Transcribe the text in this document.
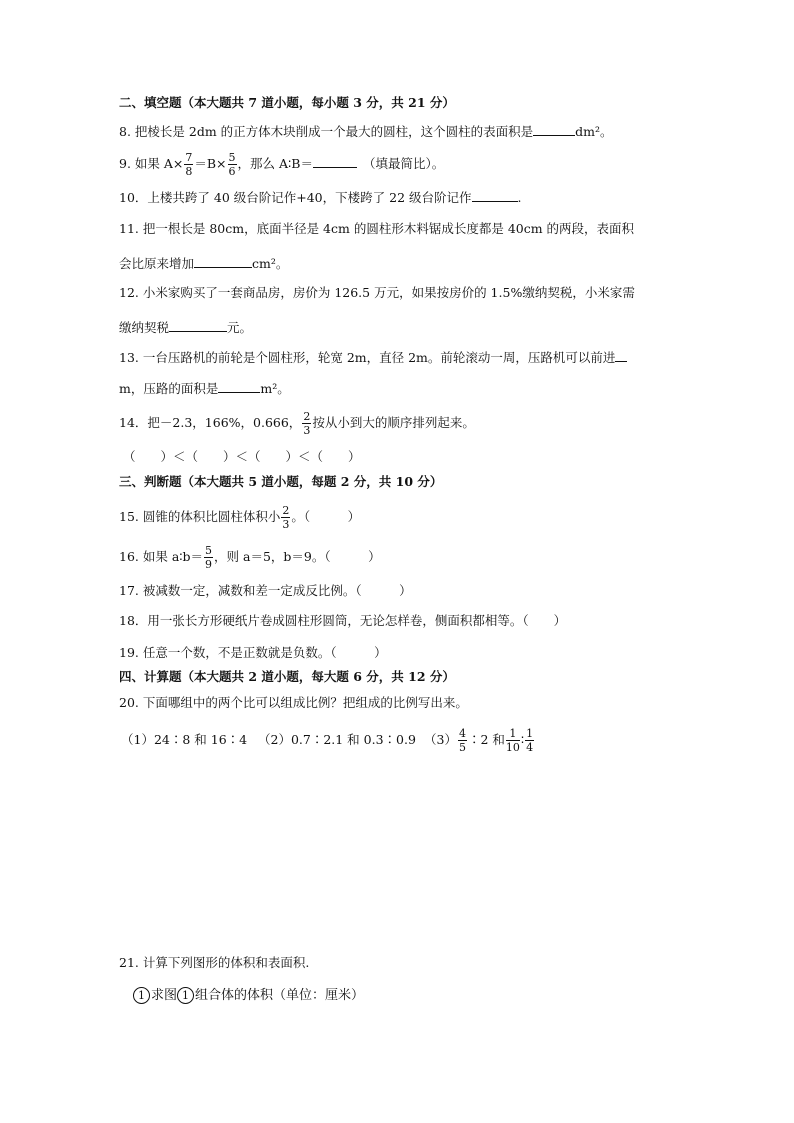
二、填空题（本大题共 7 道小题，每小题 3 分，共 21 分）
8. 把棱长是 2dm 的正方体木块削成一个最大的圆柱，这个圆柱的表面积是	dm²。
9. 如果 $A\times \frac{7}{8} =B\times \frac{5}{6}$ ，那么 A∶B＝	（填最简比）。
10．上楼共跨了 40 级台阶记作+40，下楼跨了 22 级台阶记作	.
11. 把一根长是 80cm，底面半径是 4cm 的圆柱形木料锯成长度都是 40cm 的两段，表面积
会比原来增加	cm²。
12. 小米家购买了一套商品房，房价为 126.5 万元，如果按房价的 1.5%缴纳契税，小米家需
缴纳契税	元。
13. 一台压路机的前轮是个圆柱形，轮宽 2m，直径 2m。前轮滚动一周，压路机可以前进
m，压路的面积是	m²。
14．把－2.3，166%，0.666， $\frac{2}{3}$ 按从小到大的顺序排列起来。
（　　）＜（　　）＜（　　）＜（　　）
三、判断题（本大题共 5 道小题，每题 2 分，共 10 分）
15. 圆锥的体积比圆柱体积小 $\frac{2}{3}$ 。（　　　）
16. 如果 a∶b＝ $\frac{5}{9}$ ，则 a＝5，b＝9。（　　　）
17. 被减数一定，减数和差一定成反比例。（　　　）
18．用一张长方形硬纸片卷成圆柱形圆筒，无论怎样卷，侧面积都相等。（　　）
19. 任意一个数，不是正数就是负数。（　　　）
四、计算题（本大题共 2 道小题，每大题 6 分，共 12 分）
20. 下面哪组中的两个比可以组成比例？把组成的比例写出来。
（1）24∶8 和 16∶4 （2）0.7∶2.1 和 0.3∶0.9 $(3) \frac{4}{5}$ ∶2 和 $\frac{1}{10}$ ∶ $\frac{1}{4}$
21. 计算下列图形的体积和表面积.
1 求图 1 组合体的体积（单位：厘米）
